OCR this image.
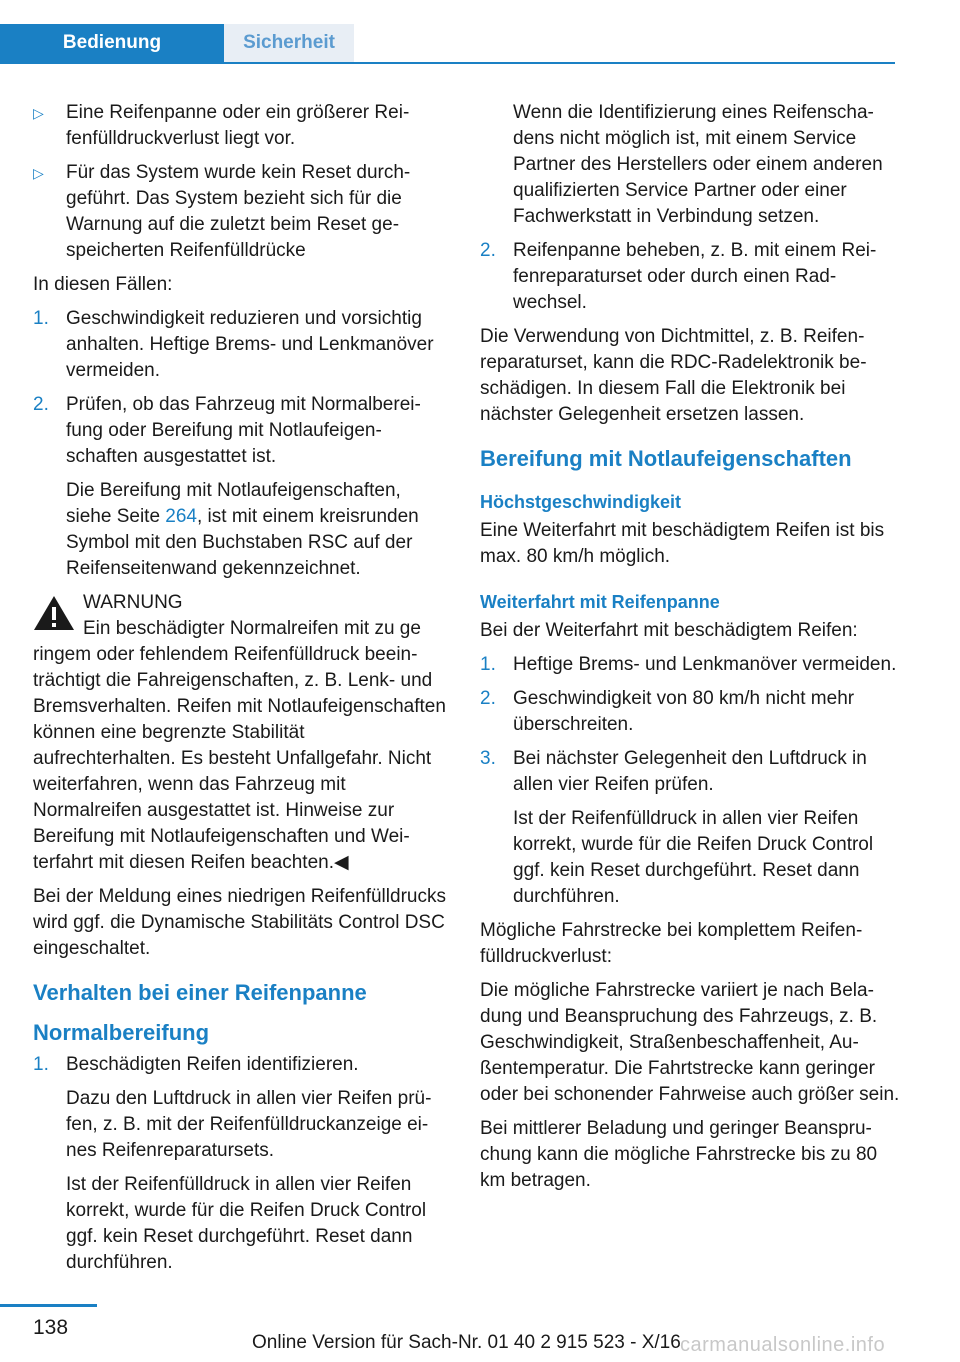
Bedienung	Sicherheit
▷ Eine Reifenpanne oder ein größerer Reifenfülldruckverlust liegt vor.
▷ Für das System wurde kein Reset durchgeführt. Das System bezieht sich für die Warnung auf die zuletzt beim Reset gespeicherten Reifenfülldrücke

In diesen Fällen:

1. Geschwindigkeit reduzieren und vorsichtig anhalten. Heftige Brems- und Lenkmanöver vermeiden.
2. Prüfen, ob das Fahrzeug mit Normalbereifung oder Bereifung mit Notlaufeigenschaften ausgestattet ist.

Die Bereifung mit Notlaufeigenschaften, siehe Seite 264, ist mit einem kreisrunden Symbol mit den Buchstaben RSC auf der Reifenseitenwand gekennzeichnet.

WARNUNG
Ein beschädigter Normalreifen mit zu ge

ringem oder fehlendem Reifenfülldruck beeinträchtigt die Fahreigenschaften, z. B. Lenk- und Bremsverhalten. Reifen mit Notlaufeigenschaften können eine begrenzte Stabilität aufrechterhalten. Es besteht Unfallgefahr. Nicht weiterfahren, wenn das Fahrzeug mit Normalreifen ausgestattet ist. Hinweise zur Bereifung mit Notlaufeigenschaften und Weiterfahrt mit diesen Reifen beachten.◀

Bei der Meldung eines niedrigen Reifenfülldrucks wird ggf. die Dynamische Stabilitäts Control DSC eingeschaltet.

Verhalten bei einer Reifenpanne
Normalbereifung
1. Beschädigten Reifen identifizieren.

Dazu den Luftdruck in allen vier Reifen prüfen, z. B. mit der Reifenfülldruckanzeige eines Reifenreparatursets.

Ist der Reifenfülldruck in allen vier Reifen korrekt, wurde für die Reifen Druck Control ggf. kein Reset durchgeführt. Reset dann durchführen.

Wenn die Identifizierung eines Reifenschadens nicht möglich ist, mit einem Service Partner des Herstellers oder einem anderen qualifizierten Service Partner oder einer Fachwerkstatt in Verbindung setzen.

2. Reifenpanne beheben, z. B. mit einem Reifenreparaturset oder durch einen Radwechsel.

Die Verwendung von Dichtmittel, z. B. Reifenreparaturset, kann die RDC-Radelektronik beschädigen. In diesem Fall die Elektronik bei nächster Gelegenheit ersetzen lassen.

Bereifung mit Notlaufeigenschaften
Höchstgeschwindigkeit

Eine Weiterfahrt mit beschädigtem Reifen ist bis max. 80 km/h möglich.

Weiterfahrt mit Reifenpanne

Bei der Weiterfahrt mit beschädigtem Reifen:

1. Heftige Brems- und Lenkmanöver vermeiden.
2. Geschwindigkeit von 80 km/h nicht mehr überschreiten.
3. Bei nächster Gelegenheit den Luftdruck in allen vier Reifen prüfen.

Ist der Reifenfülldruck in allen vier Reifen korrekt, wurde für die Reifen Druck Control ggf. kein Reset durchgeführt. Reset dann durchführen.

Mögliche Fahrstrecke bei komplettem Reifenfülldruckverlust:

Die mögliche Fahrstrecke variiert je nach Beladung und Beanspruchung des Fahrzeugs, z. B. Geschwindigkeit, Straßenbeschaffenheit, Außentemperatur. Die Fahrtstrecke kann geringer oder bei schonender Fahrweise auch größer sein.

Bei mittlerer Beladung und geringer Beanspruchung kann die mögliche Fahrstrecke bis zu 80 km betragen.

138
Online Version für Sach-Nr. 01 40 2 915 523 - X/16 carmanualsonline.info
